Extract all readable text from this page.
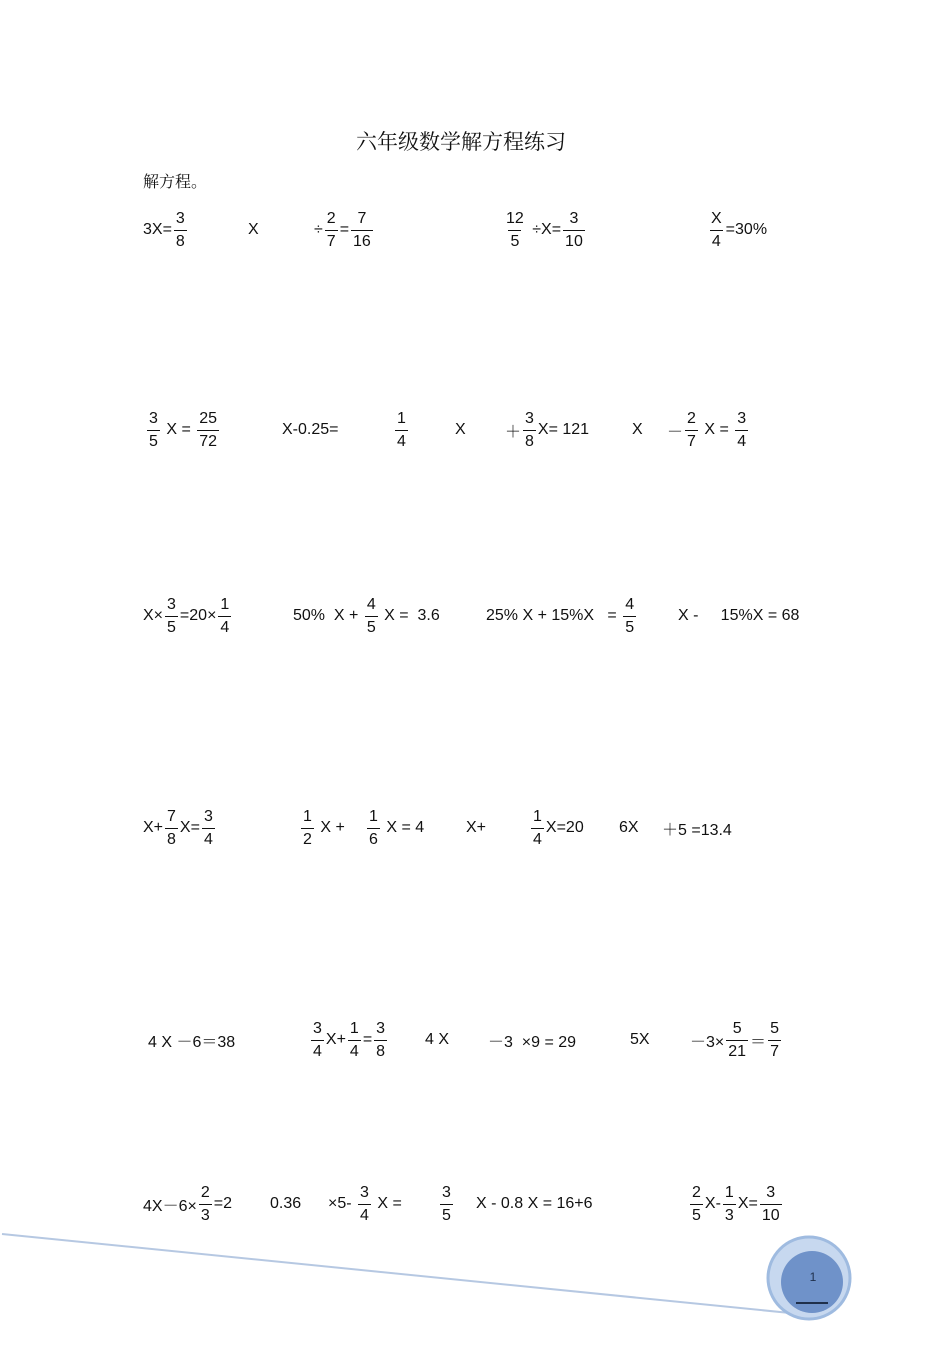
六年级数学解方程练习
解方程。
$3X= \frac{3}{8}$	X	÷ $\frac{2}{7} = \frac{7}{16}$	$\frac{12}{5} \div X= \frac{3}{10}$	$\frac{X}{4} =30\%$
$\frac{3}{5}$ $X = \frac{25}{72}$	X-0.25=	$\frac{1}{4}$	$X + \frac{3}{8} X= 121$	$X - \frac{2}{7}$ $X = \frac{3}{4}$
$X\times \frac{3}{5} =20\times \frac{1}{4}$	50%  $X + \frac{4}{5}$ X =  3.6	25% $X + 15\%X = \frac{4}{5}$	X -     15%X = 68
$X+ \frac{7}{8} X= \frac{3}{4}$	$\frac{1}{2}$ $X + \frac{1}{6}$ X = 4	X+	$\frac{1}{4} X=20$ 6X ＋5 =13.4
4 X －6＝38	$\frac{3}{4} X+ \frac{1}{4} = \frac{3}{8} 4$ X －3  ×9 = 29	5X	$-3\times \frac{5}{21} = \frac{5}{7}$
$4X-6\times \frac{2}{3} =2$ $0.36 \times 5- \frac{3}{4}$ $X = \frac{3}{5}$ X - 0.8 X = 16+6	$\frac{2}{5} X- \frac{1}{3} X= \frac{3}{10}$
1
